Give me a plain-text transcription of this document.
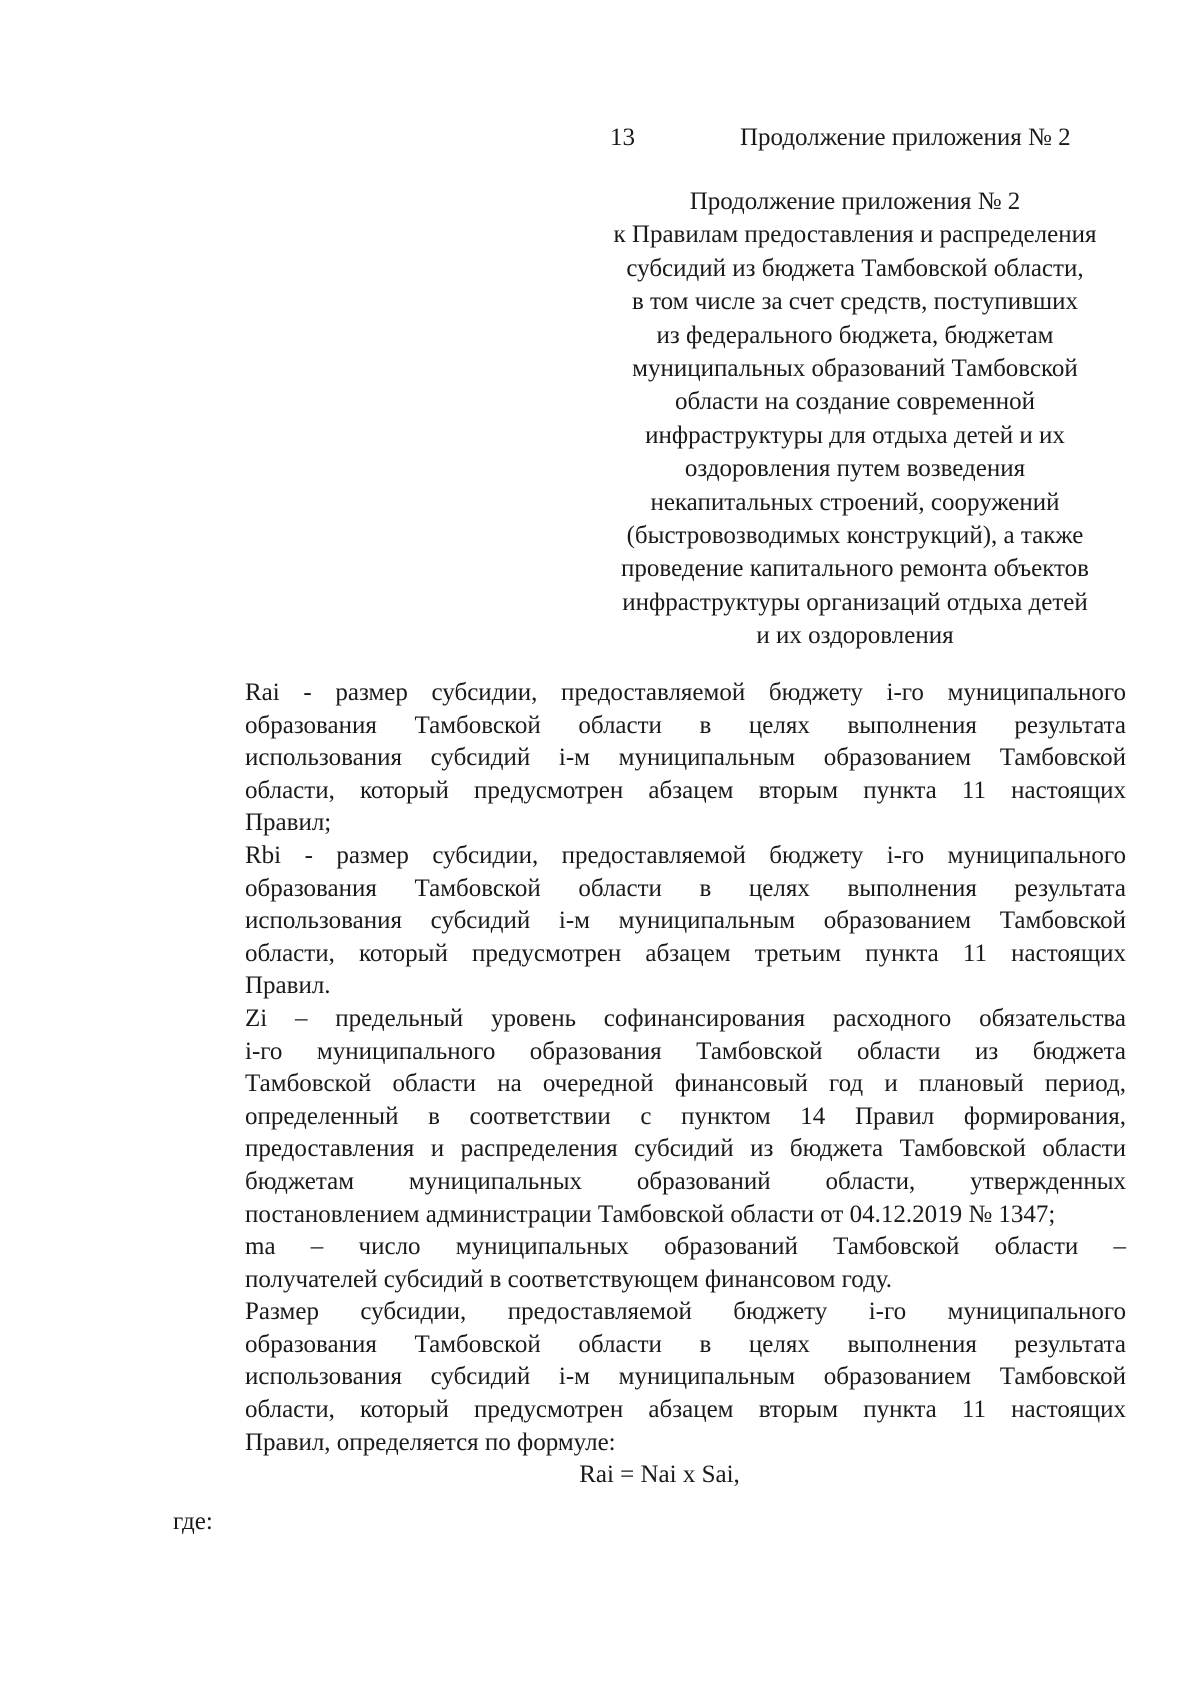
13	Продолжение приложения № 2
Продолжение приложения № 2
к Правилам предоставления и распределения
субсидий из бюджета Тамбовской области,
в том числе за счет средств, поступивших
из федерального бюджета, бюджетам
муниципальных образований Тамбовской
области на создание современной
инфраструктуры для отдыха детей и их
оздоровления путем возведения
некапитальных строений, сооружений
(быстровозводимых конструкций), а также
проведение капитального ремонта объектов
инфраструктуры организаций отдыха детей
и их оздоровления
Rai - размер субсидии, предоставляемой бюджету i-го муниципального
образования Тамбовской области в целях выполнения результата
использования субсидий i-м муниципальным образованием Тамбовской
области, который предусмотрен абзацем вторым пункта 11 настоящих
Правил;
Rbi - размер субсидии, предоставляемой бюджету i-го муниципального
образования Тамбовской области в целях выполнения результата
использования субсидий i-м муниципальным образованием Тамбовской
области, который предусмотрен абзацем третьим пункта 11 настоящих
Правил.
Zi – предельный уровень софинансирования расходного обязательства
i-го муниципального образования Тамбовской области из бюджета
Тамбовской области на очередной финансовый год и плановый период,
определенный в соответствии с пунктом 14 Правил формирования,
предоставления и распределения субсидий из бюджета Тамбовской области
бюджетам муниципальных образований области, утвержденных
постановлением администрации Тамбовской области от 04.12.2019 № 1347;
ma – число муниципальных образований Тамбовской области –
получателей субсидий в соответствующем финансовом году.
Размер субсидии, предоставляемой бюджету i-го муниципального
образования Тамбовской области в целях выполнения результата
использования субсидий i-м муниципальным образованием Тамбовской
области, который предусмотрен абзацем вторым пункта 11 настоящих
Правил, определяется по формуле:
Rai = Nai x Sai,
где:
